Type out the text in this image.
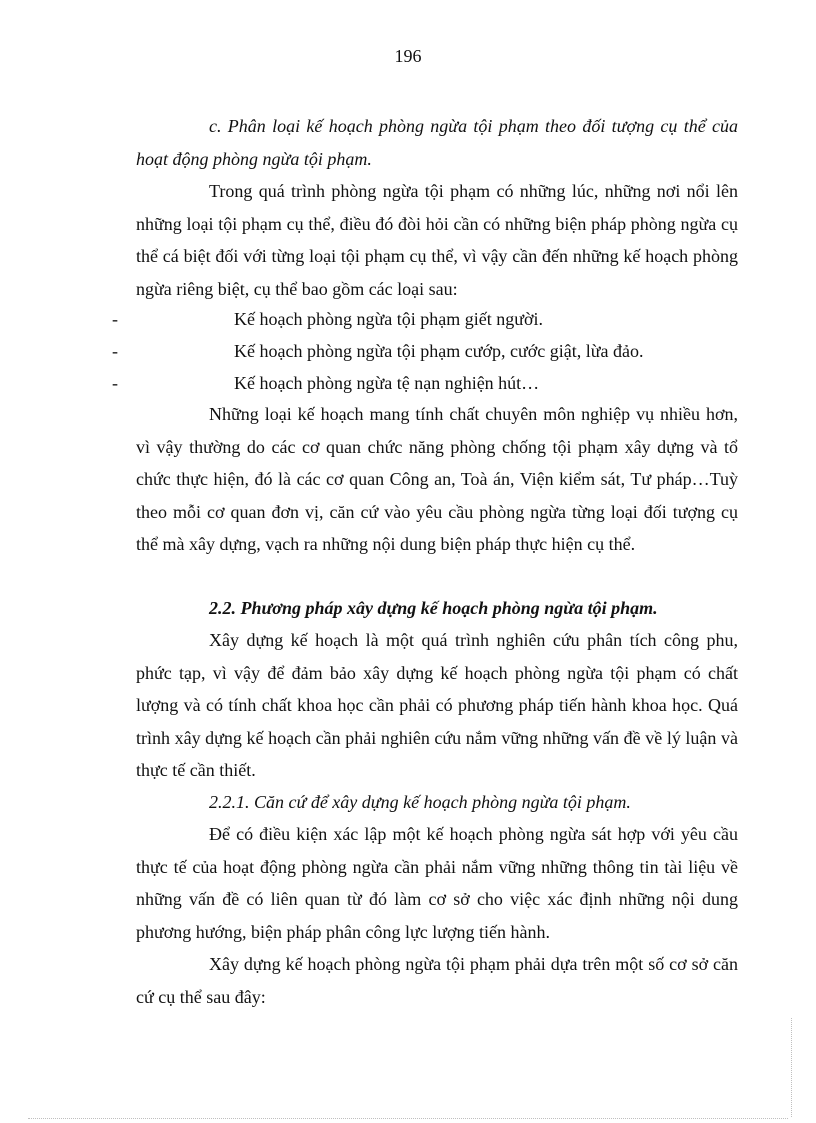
196

c. Phân loại kế hoạch phòng ngừa tội phạm theo đối tượng cụ thể của hoạt động phòng ngừa tội phạm.

Trong quá trình phòng ngừa tội phạm có những lúc, những nơi nổi lên những loại tội phạm cụ thể, điều đó đòi hỏi cần có những biện pháp phòng ngừa cụ thể cá biệt đối với từng loại tội phạm cụ thể, vì vậy cần đến những kế hoạch phòng ngừa riêng biệt, cụ thể bao gồm các loại sau:

-	Kế hoạch phòng ngừa tội phạm giết người.
-	Kế hoạch phòng ngừa tội phạm cướp, cước giật, lừa đảo.
-	Kế hoạch phòng ngừa tệ nạn nghiện hút…

Những loại kế hoạch mang tính chất chuyên môn nghiệp vụ nhiều hơn, vì vậy thường do các cơ quan chức năng phòng chống tội phạm xây dựng và tổ chức thực hiện, đó là các cơ quan Công an, Toà án, Viện kiểm sát, Tư pháp…Tuỳ theo mỗi cơ quan đơn vị, căn cứ vào yêu cầu phòng ngừa từng loại đối tượng cụ thể mà xây dựng, vạch ra những nội dung biện pháp thực hiện cụ thể.

2.2. Phương pháp xây dựng kế hoạch phòng ngừa tội phạm.

Xây dựng kế hoạch là một quá trình nghiên cứu phân tích công phu, phức tạp, vì vậy để đảm bảo xây dựng kế hoạch phòng ngừa tội phạm có chất lượng và có tính chất khoa học cần phải có phương pháp tiến hành khoa học. Quá trình xây dựng kế hoạch cần phải nghiên cứu nắm vững những vấn đề về lý luận và thực tế cần thiết.

2.2.1. Căn cứ để xây dựng kế hoạch phòng ngừa tội phạm.

Để có điều kiện xác lập một kế hoạch phòng ngừa sát hợp với yêu cầu thực tế của hoạt động phòng ngừa cần phải nắm vững những thông tin tài liệu về những vấn đề có liên quan từ đó làm cơ sở cho việc xác định những nội dung phương hướng, biện pháp phân công lực lượng tiến hành.

Xây dựng kế hoạch phòng ngừa tội phạm phải dựa trên một số cơ sở căn cứ cụ thể sau đây:
